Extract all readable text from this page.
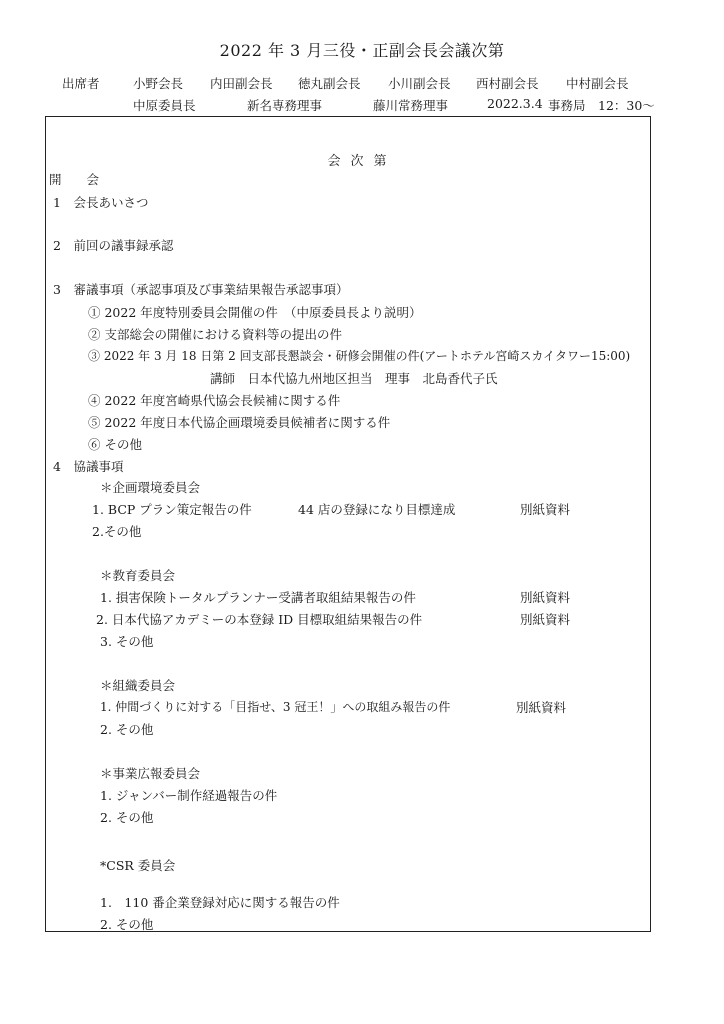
2022 年 3 月三役・正副会長会議次第
出席者	小野会長 内田副会長 徳丸副会長 小川副会長 西村副会長 中村副会長
中原委員長	新名専務理事	藤川常務理事	2022.3.4 事務局　12：30～
会次第
開　　会
1　会長あいさつ
2　前回の議事録承認
3　審議事項（承認事項及び事業結果報告承認事項）
① 2022 年度特別委員会開催の件　（中原委員長より説明）
② 支部総会の開催における資料等の提出の件
③ 2022 年 3 月 18 日第 2 回支部長懇談会・研修会開催の件(アートホテル宮崎スカイタワー15:00)
講師　日本代協九州地区担当　理事　北島香代子氏
④ 2022 年度宮崎県代協会長候補に関する件
⑤ 2022 年度日本代協企画環境委員候補者に関する件
⑥ その他
4　協議事項
＊企画環境委員会
1. BCP プラン策定報告の件	44 店の登録になり目標達成	別紙資料
2.その他
＊教育委員会
1. 損害保険トータルプランナー受講者取組結果報告の件	別紙資料
2. 日本代協アカデミーの本登録 ID 目標取組結果報告の件	別紙資料
3. その他
＊組織委員会
1. 仲間づくりに対する「目指せ、3 冠王！」への取組み報告の件	別紙資料
2. その他
＊事業広報委員会
1. ジャンバー制作経過報告の件
2. その他
*CSR 委員会
1.　110 番企業登録対応に関する報告の件
2. その他
